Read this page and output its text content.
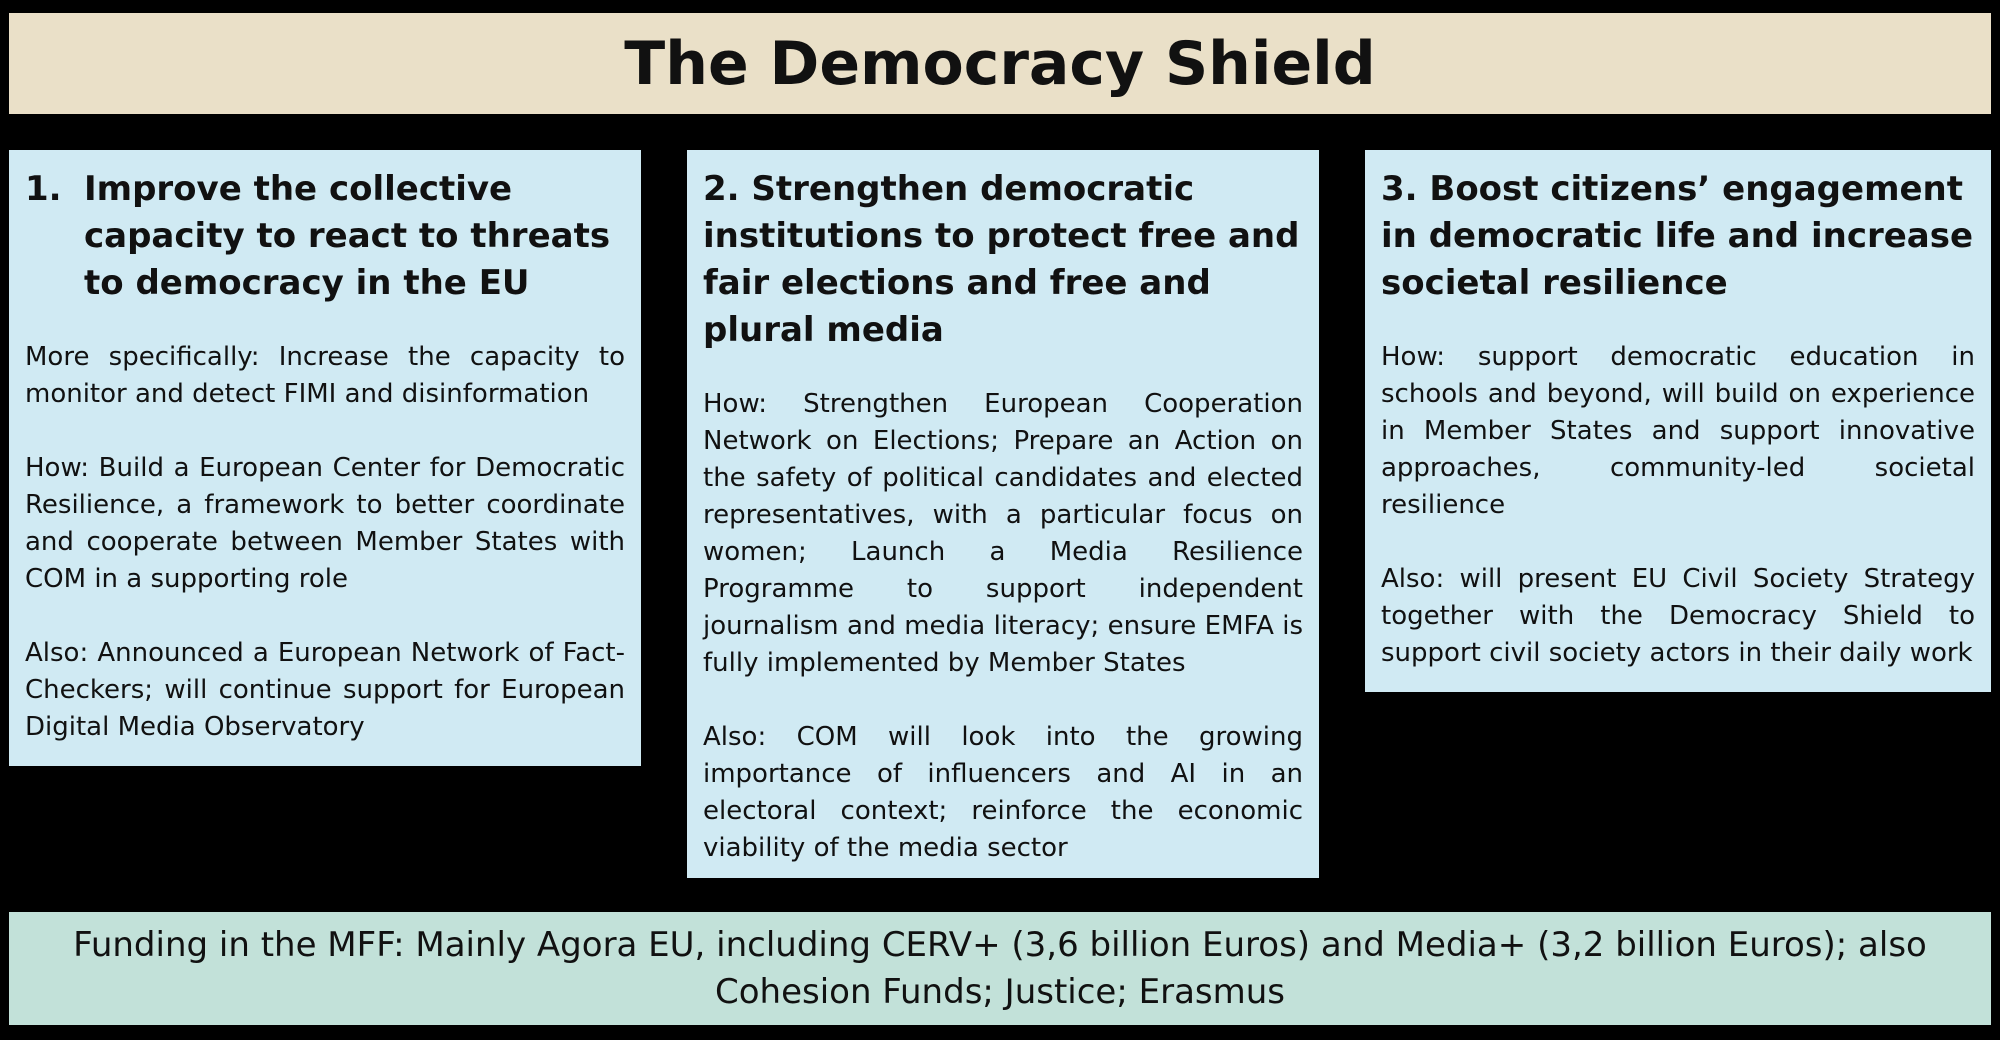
The Democracy Shield
1. Improve the collective capacity to react to threats to democracy in the EU

More specifically: Increase the capacity to monitor and detect FIMI and disinformation

How: Build a European Center for Democratic Resilience, a framework to better coordinate and cooperate between Member States with COM in a supporting role

Also: Announced a European Network of Fact-Checkers; will continue support for European Digital Media Observatory

2. Strengthen democratic institutions to protect free and fair elections and free and plural media

How: Strengthen European Cooperation Network on Elections; Prepare an Action on the safety of political candidates and elected representatives, with a particular focus on women; Launch a Media Resilience Programme to support independent journalism and media literacy; ensure EMFA is fully implemented by Member States

Also: COM will look into the growing importance of influencers and AI in an electoral context; reinforce the economic viability of the media sector

3. Boost citizens’ engagement in democratic life and increase societal resilience

How: support democratic education in schools and beyond, will build on experience in Member States and support innovative approaches, community-led societal resilience

Also: will present EU Civil Society Strategy together with the Democracy Shield to support civil society actors in their daily work

Funding in the MFF: Mainly Agora EU, including CERV+ (3,6 billion Euros) and Media+ (3,2 billion Euros); also Cohesion Funds; Justice; Erasmus
